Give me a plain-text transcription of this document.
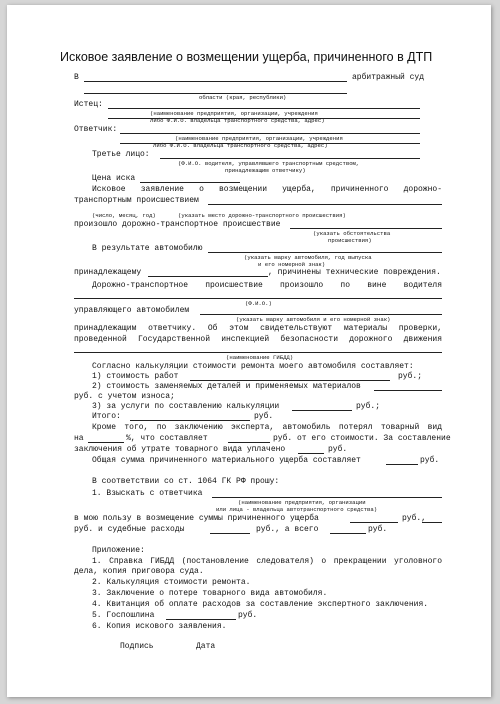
Исковое заявление о возмещении ущерба, причиненного в ДТП
В	арбитражный суд
области (края, республики)
Истец:
(наименование предприятия, организации, учреждения
либо Ф.И.О. владельца транспортного средства, адрес)
Ответчик:
(наименование предприятия, организации, учреждения
либо Ф.И.О. владельца транспортного средства, адрес)
Третье лицо:
(Ф.И.О. водителя, управлявшего транспортным средством,
принадлежащим ответчику)
Цена иска
Исковое заявление о возмещении ущерба, причиненного дорожно-
транспортным происшествием
(число, месяц, год)	(указать место дорожно-транспортного происшествия)
произошло дорожно-транспортное происшествие
(указать обстоятельства
происшествия)
В результате автомобилю
(указать марку автомобиля, год выпуска
и его номерной знак)
принадлежащему	, причинены технические повреждения.
Дорожно-транспортное происшествие произошло по вине водителя
(Ф.И.О.)
управляющего автомобилем
(указать марку автомобиля и его номерной знак)
принадлежащим ответчику. Об этом свидетельствуют материалы проверки,
проведенной Государственной инспекцией безопасности дорожного движения
(наименование ГИБДД)
Согласно калькуляции стоимости ремонта моего автомобиля составляет:
1) стоимость работ	руб.;
2) стоимость заменяемых деталей и применяемых материалов
руб. с учетом износа;
3) за услуги по составлению калькуляции	руб.;
Итого:	руб.
Кроме того, по заключению эксперта, автомобиль потерял товарный вид
на	%, что составляет	руб. от его стоимости. За составление
заключения об утрате товарного вида уплачено	руб.
Общая сумма причиненного материального ущерба составляет	руб.
В соответствии со ст. 1064 ГК РФ прошу:
1. Взыскать с ответчика
(наименование предприятия, организации
или лица - владельца автотранспортного средства)
в мою пользу в возмещение суммы причиненного ущерба	руб.,
руб. и судебные расходы	руб., а всего	руб.
Приложение:
1. Справка ГИБДД (постановление следователя) о прекращении уголовного
дела, копия приговора суда.
2. Калькуляция стоимости ремонта.
3. Заключение о потере товарного вида автомобиля.
4. Квитанция об оплате расходов за составление экспертного заключения.
5. Госпошлина	руб.
6. Копия искового заявления.
Подпись	Дата
